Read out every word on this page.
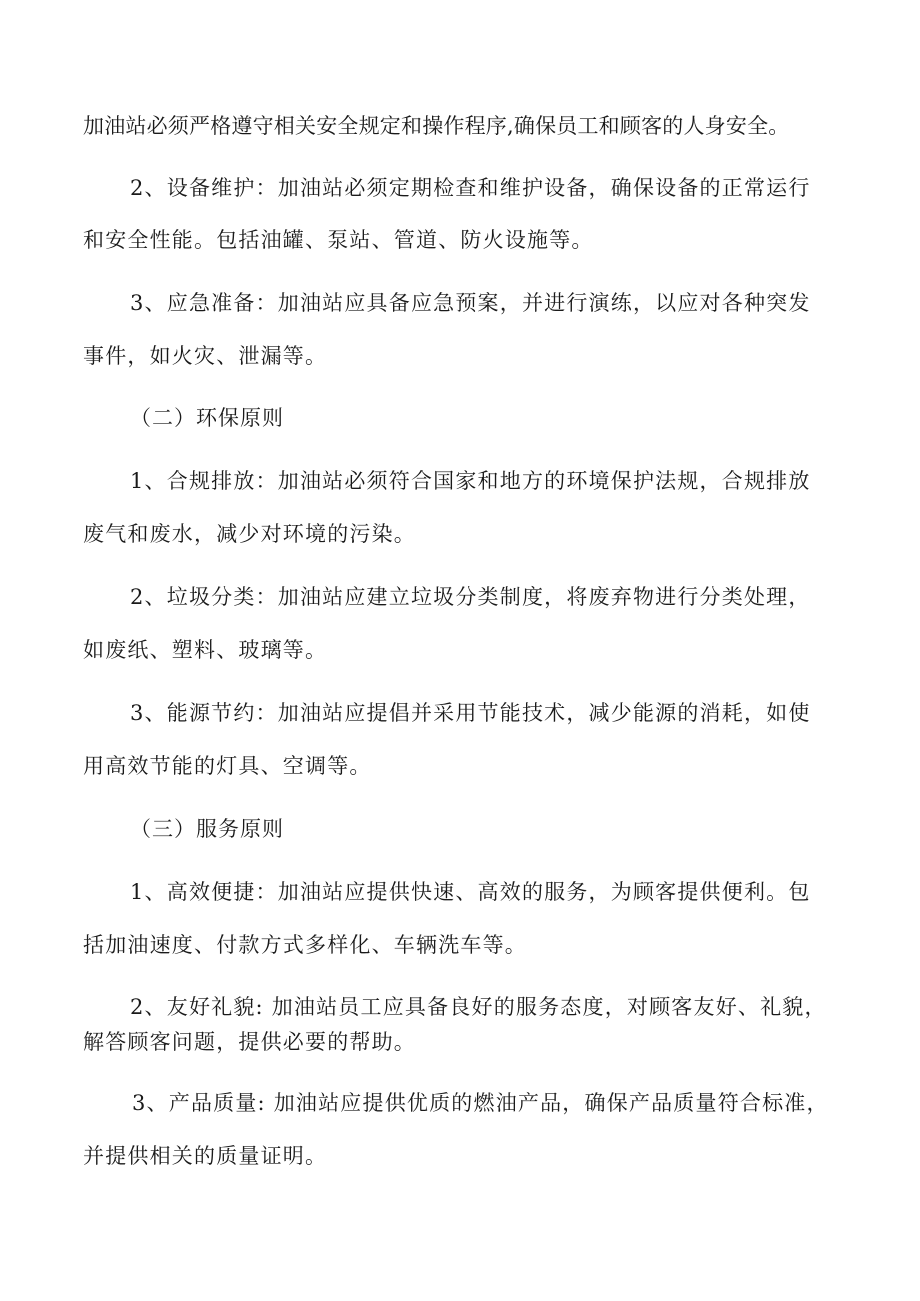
加油站必须严格遵守相关安全规定和操作程序,确保员工和顾客的人身安全。
2、设备维护：加油站必须定期检查和维护设备，确保设备的正常运行
和安全性能。包括油罐、泵站、管道、防火设施等。
3、应急准备：加油站应具备应急预案，并进行演练，以应对各种突发
事件，如火灾、泄漏等。
（二）环保原则
1、合规排放：加油站必须符合国家和地方的环境保护法规，合规排放
废气和废水，减少对环境的污染。
2、垃圾分类：加油站应建立垃圾分类制度，将废弃物进行分类处理，
如废纸、塑料、玻璃等。
3、能源节约：加油站应提倡并采用节能技术，减少能源的消耗，如使
用高效节能的灯具、空调等。
（三）服务原则
1、高效便捷：加油站应提供快速、高效的服务，为顾客提供便利。包
括加油速度、付款方式多样化、车辆洗车等。
2、友好礼貌: 加油站员工应具备良好的服务态度，对顾客友好、礼貌，
解答顾客问题，提供必要的帮助。
3、产品质量: 加油站应提供优质的燃油产品，确保产品质量符合标准，
并提供相关的质量证明。
